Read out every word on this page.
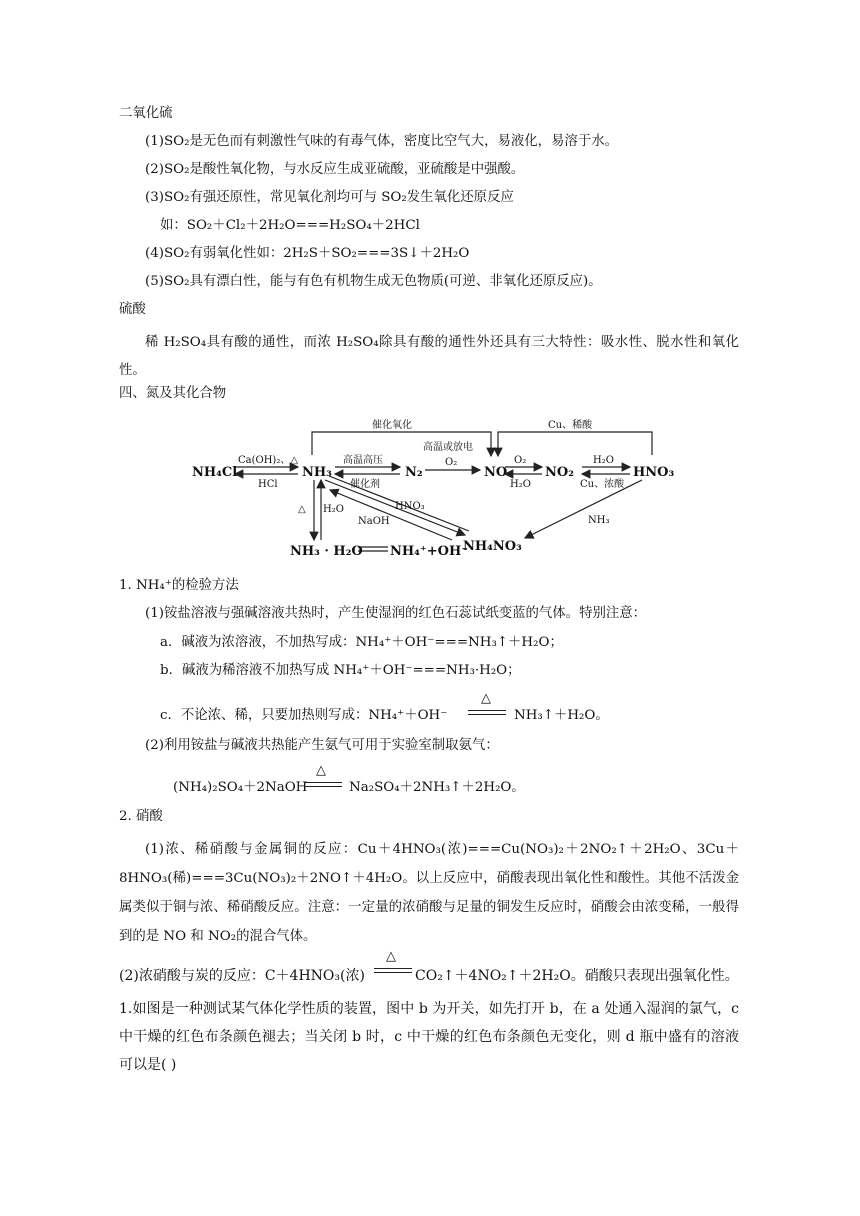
二氧化硫
(1)SO₂是无色而有刺激性气味的有毒气体，密度比空气大，易液化，易溶于水。
(2)SO₂是酸性氧化物，与水反应生成亚硫酸，亚硫酸是中强酸。
(3)SO₂有强还原性，常见氧化剂均可与 SO₂发生氧化还原反应
如：SO₂＋Cl₂＋2H₂O===H₂SO₄＋2HCl
(4)SO₂有弱氧化性如：2H₂S＋SO₂===3S↓＋2H₂O
(5)SO₂具有漂白性，能与有色有机物生成无色物质(可逆、非氧化还原反应)。
硫酸
稀 H₂SO₄具有酸的通性，而浓 H₂SO₄除具有酸的通性外还具有三大特性：吸水性、脱水性和氧化性。
四、氮及其化合物
NH₄Cl	NH₃	N₂	NO	NO₂	HNO₃
NH₄NO₃
NH₃ · H₂O NH₄⁺+OH⁻
催化氧化	Cu、稀酸
Ca(OH)₂、△
HCl
高温高压
催化剂
高温或放电
O₂	O₂
H₂O
H₂O
Cu、浓酸
△ H₂O
NaOH
HNO₃
NH₃
1. NH₄⁺的检验方法
(1)铵盐溶液与强碱溶液共热时，产生使湿润的红色石蕊试纸变蓝的气体。特别注意：
a．碱液为浓溶液，不加热写成：NH₄⁺＋OH⁻===NH₃↑＋H₂O；
b．碱液为稀溶液不加热写成 NH₄⁺＋OH⁻===NH₃·H₂O；
c．不论浓、稀，只要加热则写成：NH₄⁺＋OH⁻
△
NH₃↑＋H₂O。
(2)利用铵盐与碱液共热能产生氨气可用于实验室制取氨气：
(NH₄)₂SO₄＋2NaOH
△
Na₂SO₄＋2NH₃↑＋2H₂O。
2. 硝酸
(1)浓、稀硝酸与金属铜的反应：Cu＋4HNO₃(浓)===Cu(NO₃)₂＋2NO₂↑＋2H₂O、3Cu＋8HNO₃(稀)===3Cu(NO₃)₂＋2NO↑＋4H₂O。以上反应中，硝酸表现出氧化性和酸性。其他不活泼金属类似于铜与浓、稀硝酸反应。注意：一定量的浓硝酸与足量的铜发生反应时，硝酸会由浓变稀，一般得到的是 NO 和 NO₂的混合气体。
(2)浓硝酸与炭的反应：C＋4HNO₃(浓)
△
CO₂↑＋4NO₂↑＋2H₂O。硝酸只表现出强氧化性。
1.如图是一种测试某气体化学性质的装置，图中 b 为开关，如先打开 b，在 a 处通入湿润的氯气，c 中干燥的红色布条颜色褪去；当关闭 b 时，c 中干燥的红色布条颜色无变化，则 d 瓶中盛有的溶液可以是( )
